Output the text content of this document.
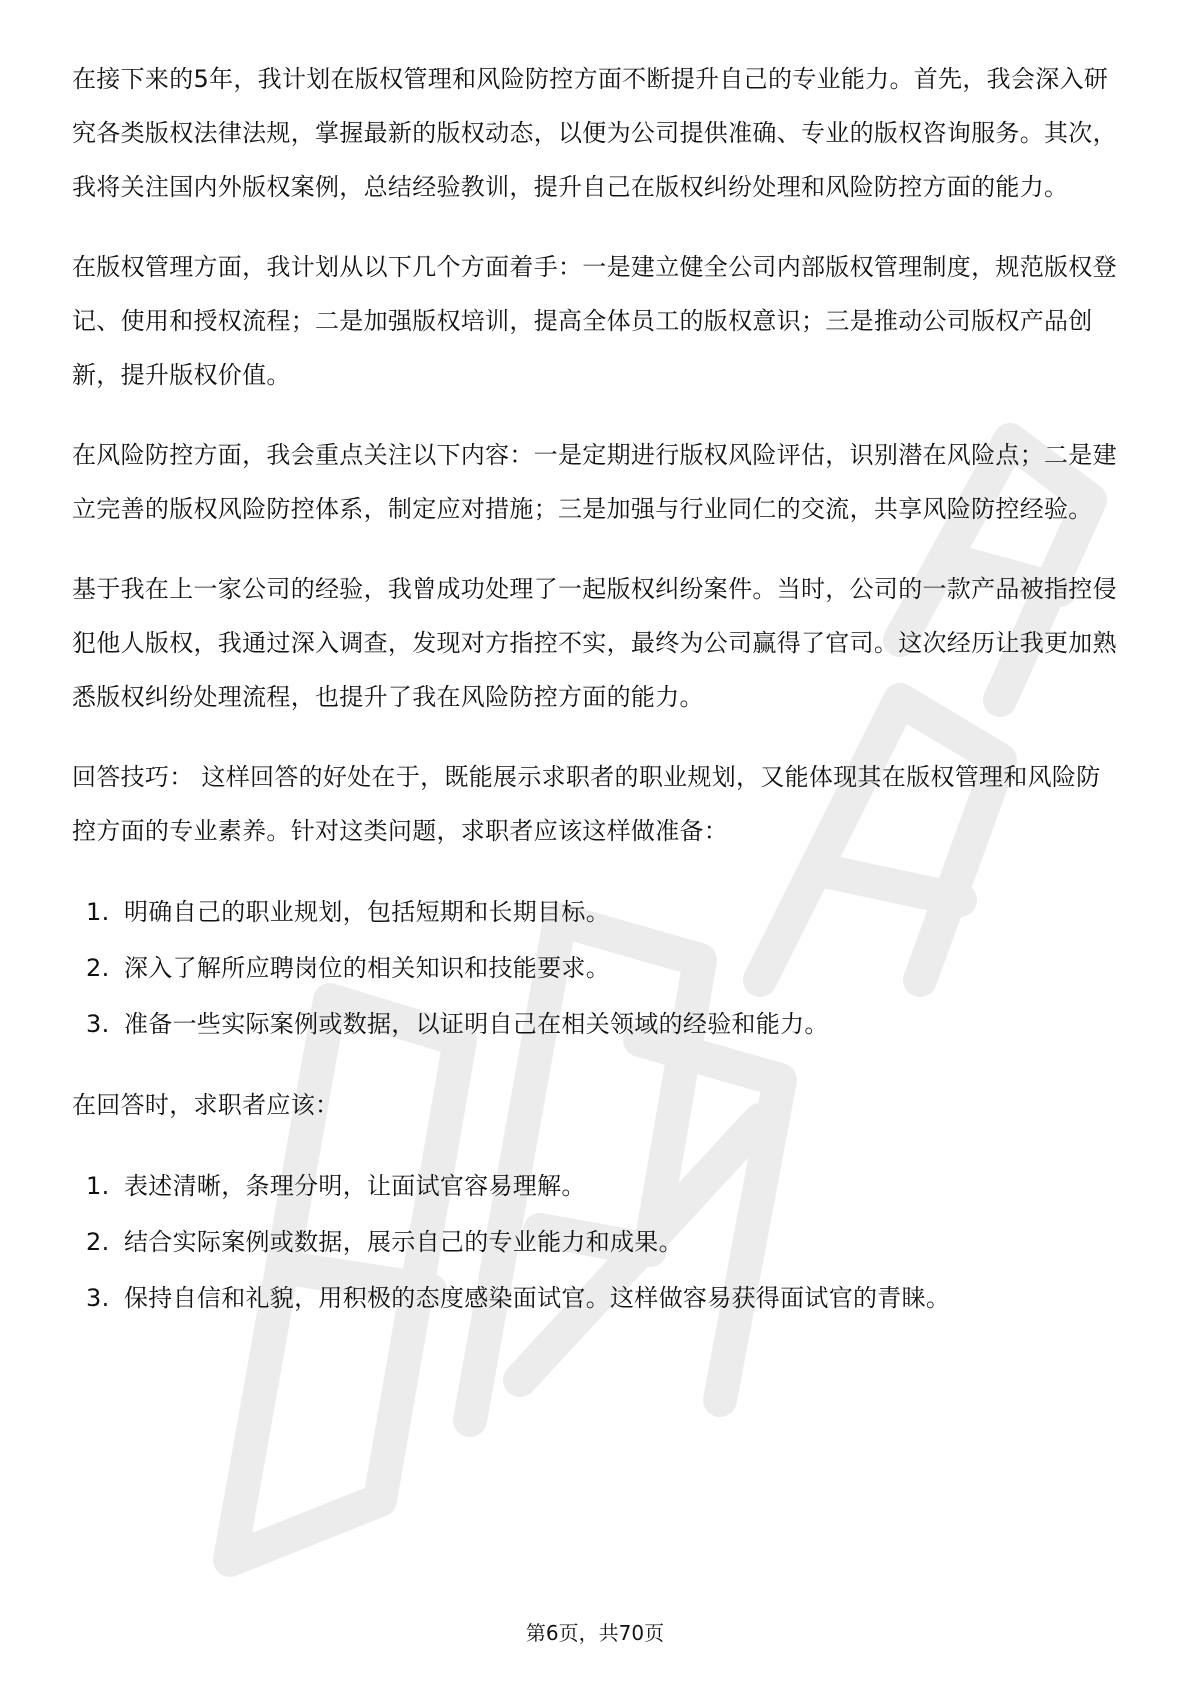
在接下来的5年，我计划在版权管理和风险防控方面不断提升自己的专业能力。首先，我会深入研究各类版权法律法规，掌握最新的版权动态，以便为公司提供准确、专业的版权咨询服务。其次，我将关注国内外版权案例，总结经验教训，提升自己在版权纠纷处理和风险防控方面的能力。

在版权管理方面，我计划从以下几个方面着手：一是建立健全公司内部版权管理制度，规范版权登记、使用和授权流程；二是加强版权培训，提高全体员工的版权意识；三是推动公司版权产品创新，提升版权价值。

在风险防控方面，我会重点关注以下内容：一是定期进行版权风险评估，识别潜在风险点；二是建立完善的版权风险防控体系，制定应对措施；三是加强与行业同仁的交流，共享风险防控经验。

基于我在上一家公司的经验，我曾成功处理了一起版权纠纷案件。当时，公司的一款产品被指控侵犯他人版权，我通过深入调查，发现对方指控不实，最终为公司赢得了官司。这次经历让我更加熟悉版权纠纷处理流程，也提升了我在风险防控方面的能力。

回答技巧： 这样回答的好处在于，既能展示求职者的职业规划，又能体现其在版权管理和风险防控方面的专业素养。针对这类问题，求职者应该这样做准备：

1. 明确自己的职业规划，包括短期和长期目标。
2. 深入了解所应聘岗位的相关知识和技能要求。
3. 准备一些实际案例或数据，以证明自己在相关领域的经验和能力。

在回答时，求职者应该：

1. 表述清晰，条理分明，让面试官容易理解。
2. 结合实际案例或数据，展示自己的专业能力和成果。
3. 保持自信和礼貌，用积极的态度感染面试官。这样做容易获得面试官的青睐。
第6页，共70页
